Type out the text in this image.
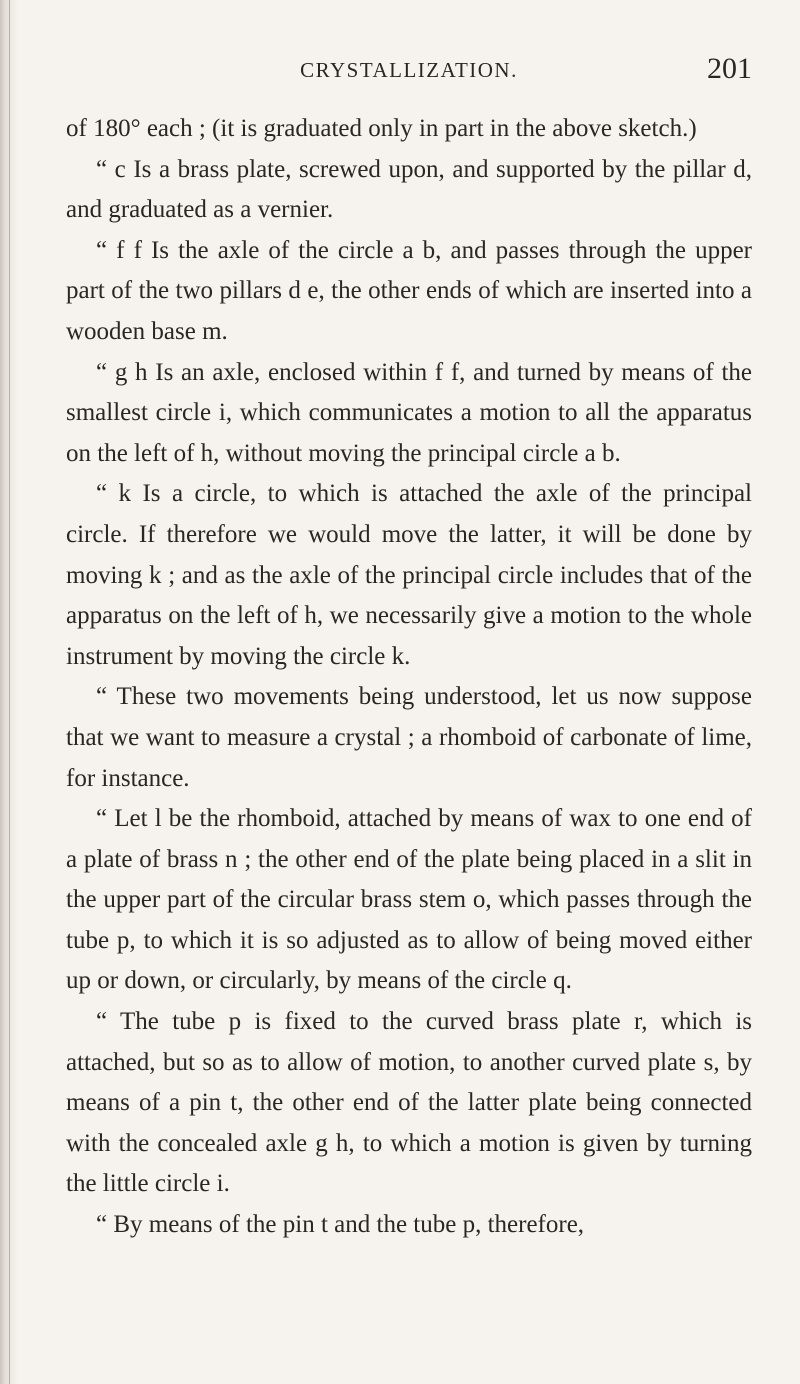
CRYSTALLIZATION.	201

of 180° each ; (it is graduated only in part in the above sketch.)

“ c Is a brass plate, screwed upon, and supported by the pillar d, and graduated as a vernier.

“ f f Is the axle of the circle a b, and passes through the upper part of the two pillars d e, the other ends of which are inserted into a wooden base m.

“ g h Is an axle, enclosed within f f, and turned by means of the smallest circle i, which communicates a motion to all the apparatus on the left of h, without moving the principal circle a b.

“ k Is a circle, to which is attached the axle of the principal circle. If therefore we would move the latter, it will be done by moving k ; and as the axle of the principal circle includes that of the apparatus on the left of h, we necessarily give a motion to the whole instrument by moving the circle k.

“ These two movements being understood, let us now suppose that we want to measure a crystal ; a rhomboid of carbonate of lime, for instance.

“ Let l be the rhomboid, attached by means of wax to one end of a plate of brass n ; the other end of the plate being placed in a slit in the upper part of the circular brass stem o, which passes through the tube p, to which it is so adjusted as to allow of being moved either up or down, or circularly, by means of the circle q.

“ The tube p is fixed to the curved brass plate r, which is attached, but so as to allow of motion, to another curved plate s, by means of a pin t, the other end of the latter plate being connected with the concealed axle g h, to which a motion is given by turning the little circle i.

“ By means of the pin t and the tube p, therefore,
